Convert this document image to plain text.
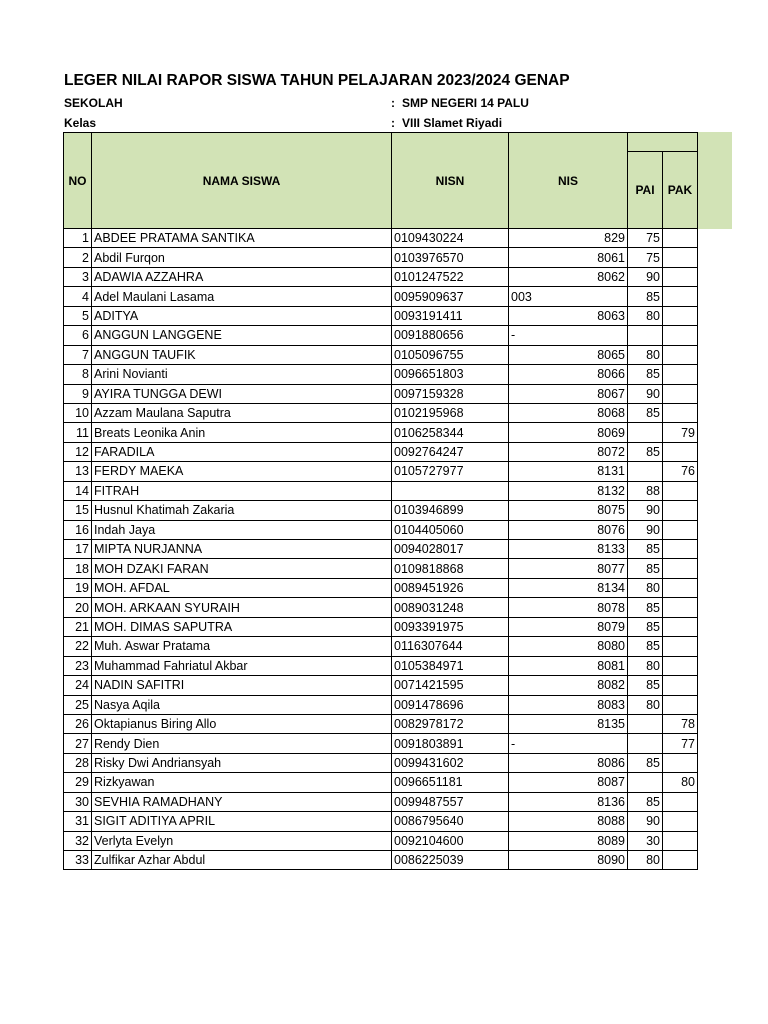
LEGER NILAI RAPOR SISWA TAHUN PELAJARAN 2023/2024 GENAP
SEKOLAH	: SMP NEGERI 14 PALU
Kelas	: VIII Slamet Riyadi
NO	NAMA SISWA	NISN	NIS		
				PAI	PAK
1	ABDEE PRATAMA SANTIKA	0109430224	829	75	
2	Abdil Furqon	0103976570	8061	75	
3	ADAWIA AZZAHRA	0101247522	8062	90	
4	Adel Maulani Lasama	0095909637	003	85	
5	ADITYA	0093191411	8063	80	
6	ANGGUN LANGGENE	0091880656	-		
7	ANGGUN TAUFIK	0105096755	8065	80	
8	Arini Novianti	0096651803	8066	85	
9	AYIRA TUNGGA DEWI	0097159328	8067	90	
10	Azzam Maulana Saputra	0102195968	8068	85	
11	Breats Leonika Anin	0106258344	8069		79
12	FARADILA	0092764247	8072	85	
13	FERDY MAEKA	0105727977	8131		76
14	FITRAH		8132	88	
15	Husnul Khatimah Zakaria	0103946899	8075	90	
16	Indah Jaya	0104405060	8076	90	
17	MIPTA NURJANNA	0094028017	8133	85	
18	MOH DZAKI FARAN	0109818868	8077	85	
19	MOH. AFDAL	0089451926	8134	80	
20	MOH. ARKAAN SYURAIH	0089031248	8078	85	
21	MOH. DIMAS SAPUTRA	0093391975	8079	85	
22	Muh. Aswar Pratama	0116307644	8080	85	
23	Muhammad Fahriatul Akbar	0105384971	8081	80	
24	NADIN SAFITRI	0071421595	8082	85	
25	Nasya Aqila	0091478696	8083	80	
26	Oktapianus Biring Allo	0082978172	8135		78
27	Rendy Dien	0091803891	-		77
28	Risky Dwi Andriansyah	0099431602	8086	85	
29	Rizkyawan	0096651181	8087		80
30	SEVHIA RAMADHANY	0099487557	8136	85	
31	SIGIT ADITIYA APRIL	0086795640	8088	90	
32	Verlyta Evelyn	0092104600	8089	30	
33	Zulfikar Azhar Abdul	0086225039	8090	80	
